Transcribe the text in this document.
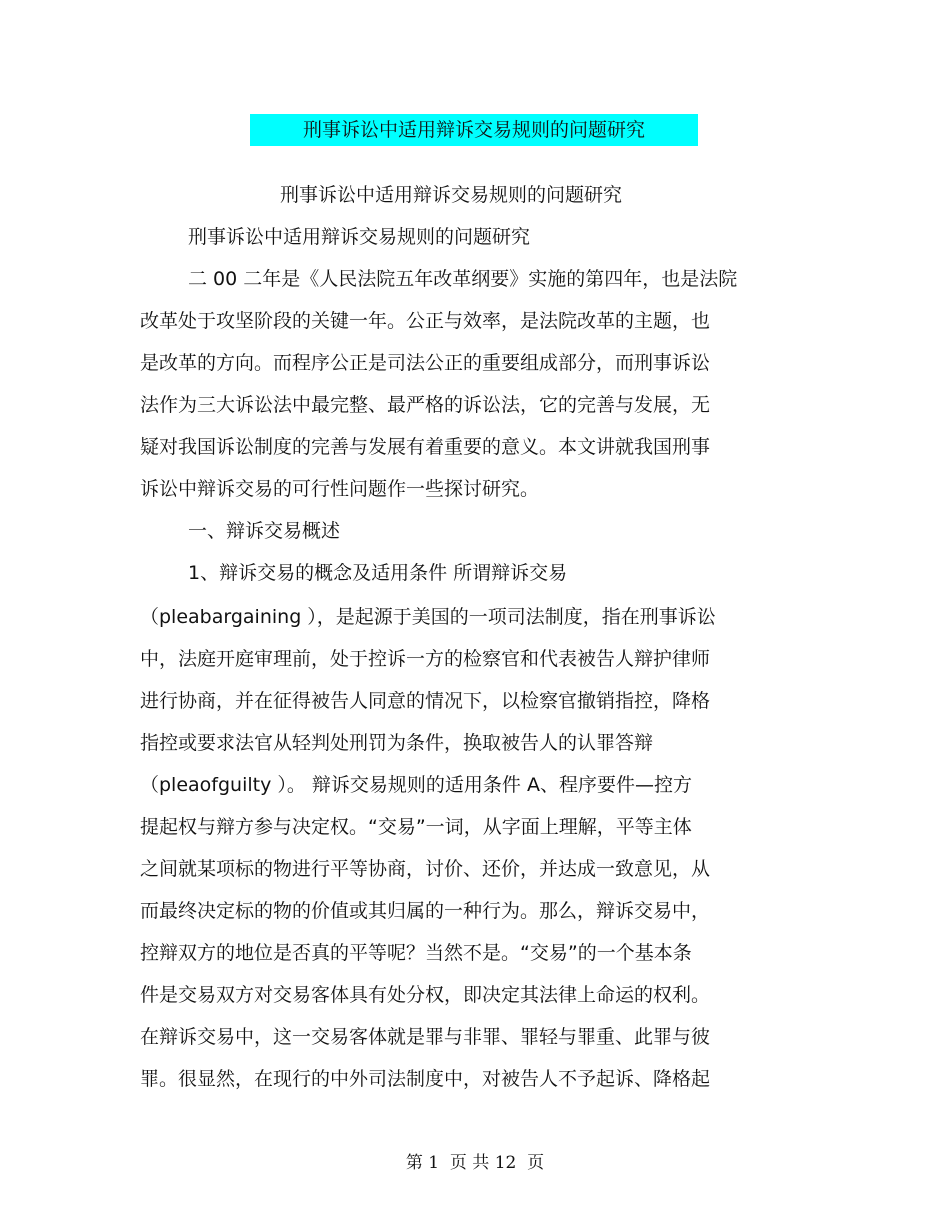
刑事诉讼中适用辩诉交易规则的问题研究
刑事诉讼中适用辩诉交易规则的问题研究
刑事诉讼中适用辩诉交易规则的问题研究
二 00 二年是《人民法院五年改革纲要》实施的第四年，也是法院
改革处于攻坚阶段的关键一年。公正与效率，是法院改革的主题，也
是改革的方向。而程序公正是司法公正的重要组成部分，而刑事诉讼
法作为三大诉讼法中最完整、最严格的诉讼法，它的完善与发展，无
疑对我国诉讼制度的完善与发展有着重要的意义。本文讲就我国刑事
诉讼中辩诉交易的可行性问题作一些探讨研究。
一、辩诉交易概述
1、辩诉交易的概念及适用条件 所谓辩诉交易
（pleabargaining ），是起源于美国的一项司法制度，指在刑事诉讼
中，法庭开庭审理前，处于控诉一方的检察官和代表被告人辩护律师
进行协商，并在征得被告人同意的情况下，以检察官撤销指控，降格
指控或要求法官从轻判处刑罚为条件，换取被告人的认罪答辩
（pleaofguilty ）。 辩诉交易规则的适用条件 A、程序要件—控方
提起权与辩方参与决定权。“交易”一词，从字面上理解，平等主体
之间就某项标的物进行平等协商，讨价、还价，并达成一致意见，从
而最终决定标的物的价值或其归属的一种行为。那么，辩诉交易中，
控辩双方的地位是否真的平等呢？当然不是。“交易”的一个基本条
件是交易双方对交易客体具有处分权，即决定其法律上命运的权利。
在辩诉交易中，这一交易客体就是罪与非罪、罪轻与罪重、此罪与彼
罪。很显然，在现行的中外司法制度中，对被告人不予起诉、降格起
第 1  页 共 12  页
